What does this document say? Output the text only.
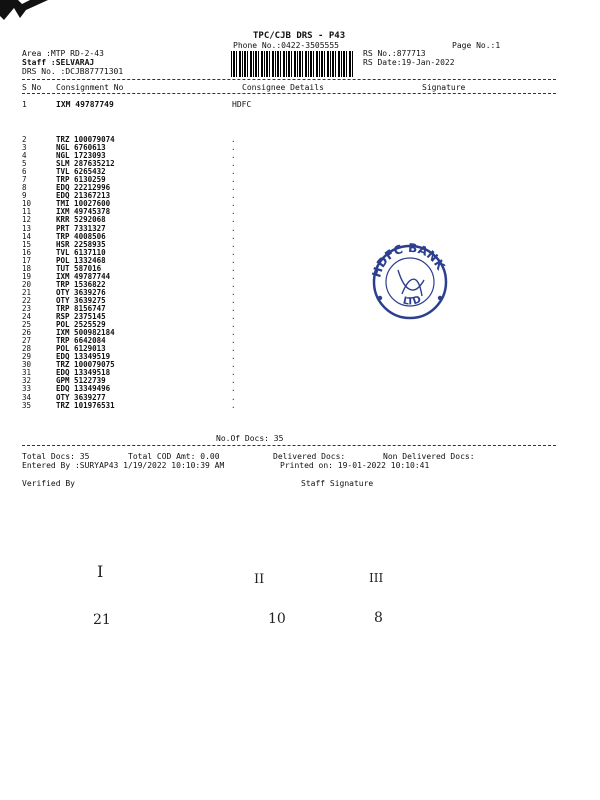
TPC/CJB DRS - P43
Phone No.:0422-3505555	Page No.:1
Area :MTP RD-2-43
Staff :SELVARAJ
DRS No. :DCJB87771301
RS No.:877713
RS Date:19-Jan-2022
S No Consignment No	Consignee Details	Signature
1	IXM 49787749	HDFC
2	TRZ 100079074	.
3	NGL 6760613	.
4	NGL 1723093	.
5	SLM 287635212	.
6	TVL 6265432	.
7	TRP 6130259	.
8	EDQ 22212996	.
9	EDQ 21367213	.
10	TMI 10027600	.
11	IXM 49745378	.
12	KRR 5292068	.
13	PRT 7331327	.
14	TRP 4008506	.
15	HSR 2258935	.
16	TVL 6137110	.
17	POL 1332468	.
18	TUT 587016	.
19	IXM 49787744	.
20	TRP 1536822	.
21	OTY 3639276	.
22	OTY 3639275	.
23	TRP 8156747	.
24	RSP 2375145	.
25	POL 2525529	.
26	IXM 500982184	.
27	TRP 6642084	.
28	POL 6129013	.
29	EDQ 13349519	.
30	TRZ 100079075	.
31	EDQ 13349518	.
32	GPM 5122739	.
33	EDQ 13349496	.
34	OTY 3639277	.
35	TRZ 101976531	.
No.Of Docs: 35
Total Docs: 35	Total COD Amt: 0.00	Delivered Docs:	Non Delivered Docs:
Entered By :SURYAP43 1/19/2022 10:10:39 AM	Printed on: 19-01-2022 10:10:41
Verified By	Staff Signature
HDFC BANK
LTD
I	II	III
21	10	8
